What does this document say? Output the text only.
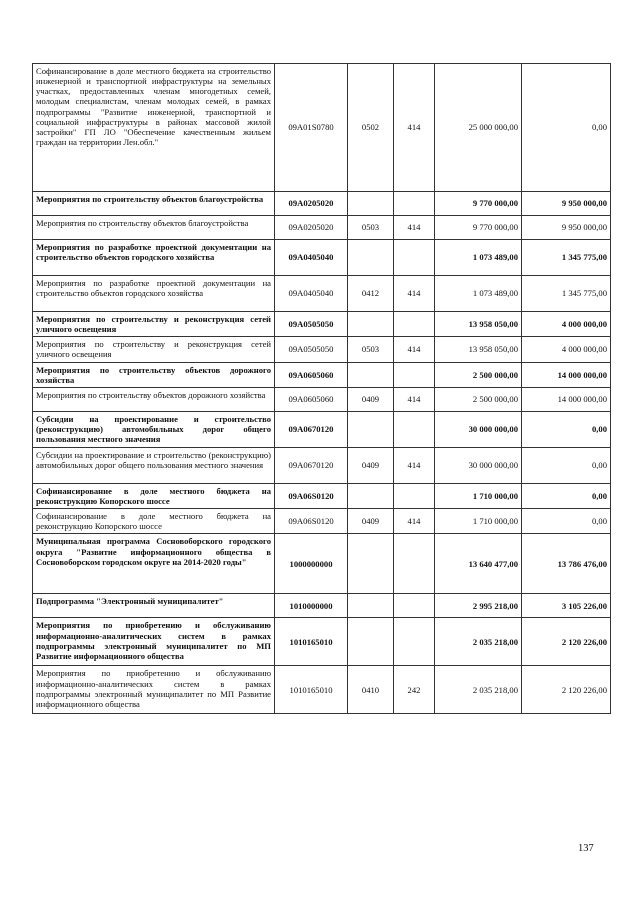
Софинансирование в доле местного бюджета на строительство инженерной и транспортной инфраструктуры на земельных участках, предоставленных членам многодетных семей, молодым специалистам, членам молодых семей, в рамках подпрограммы "Развитие инженерной, транспортной и социальной инфраструктуры в районах массовой жилой застройки" ГП ЛО "Обеспечение качественным жильем граждан на территории Лен.обл."	09А01S0780	0502	414	25 000 000,00	0,00
Мероприятия по строительству объектов благоустройства	09А0205020			9 770 000,00	9 950 000,00
Мероприятия по строительству объектов благоустройства	09А0205020	0503	414	9 770 000,00	9 950 000,00
Мероприятия по разработке проектной документации на строительство объектов городского хозяйства	09А0405040			1 073 489,00	1 345 775,00
Мероприятия по разработке проектной документации на строительство объектов городского хозяйства	09А0405040	0412	414	1 073 489,00	1 345 775,00
Мероприятия по строительству и реконструкция сетей уличного освещения	09А0505050			13 958 050,00	4 000 000,00
Мероприятия по строительству и реконструкция сетей уличного освещения	09А0505050	0503	414	13 958 050,00	4 000 000,00
Мероприятия по строительству объектов дорожного хозяйства	09А0605060			2 500 000,00	14 000 000,00
Мероприятия по строительству объектов дорожного хозяйства	09А0605060	0409	414	2 500 000,00	14 000 000,00
Субсидии на проектирование и строительство (реконструкцию) автомобильных дорог общего пользования местного значения	09А0670120			30 000 000,00	0,00
Субсидии на проектирование и строительство (реконструкцию) автомобильных дорог общего пользования местного значения	09А0670120	0409	414	30 000 000,00	0,00
Софинансирование в доле местного бюджета на реконструкцию Копорского шоссе	09А06S0120			1 710 000,00	0,00
Софинансирование в доле местного бюджета на реконструкцию Копорского шоссе	09А06S0120	0409	414	1 710 000,00	0,00
Муниципальная программа Сосновоборского городского округа "Развитие информационного общества в Сосновоборском городском округе на 2014-2020 годы"	1000000000			13 640 477,00	13 786 476,00
Подпрограмма "Электронный муниципалитет"	1010000000			2 995 218,00	3 105 226,00
Мероприятия по приобретению и обслуживанию информационно-аналитических систем в рамках подпрограммы электронный муниципалитет по МП Развитие информационного общества	1010165010			2 035 218,00	2 120 226,00
Мероприятия по приобретению и обслуживанию информационно-аналитических систем в рамках подпрограммы электронный муниципалитет по МП Развитие информационного общества	1010165010	0410	242	2 035 218,00	2 120 226,00
137
